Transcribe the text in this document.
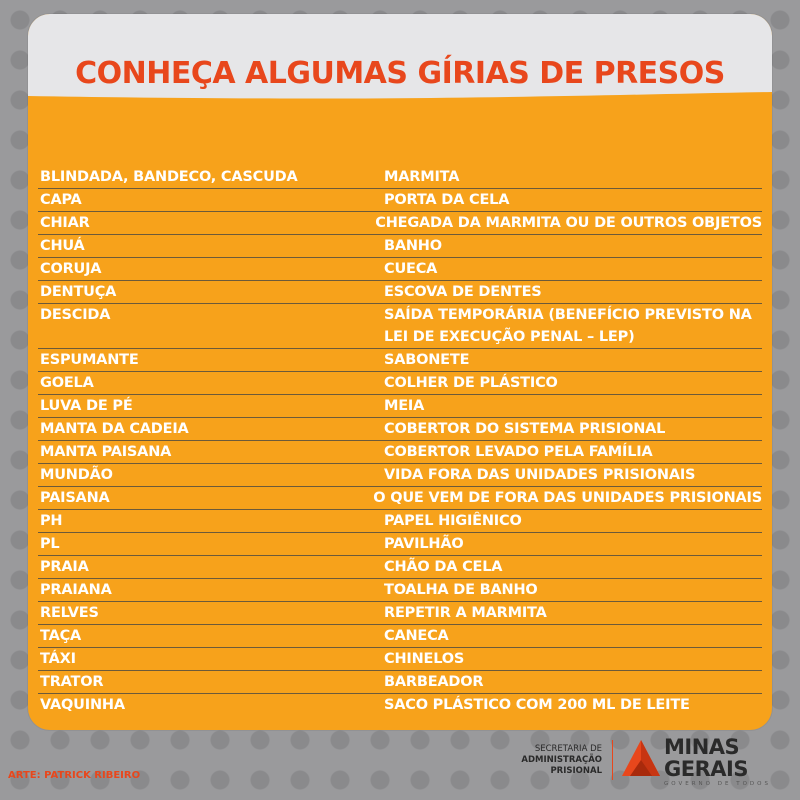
CONHEÇA ALGUMAS GÍRIAS DE PRESOS
BLINDADA, BANDECO, CASCUDA	MARMITA
CAPA	PORTA DA CELA
CHIAR	CHEGADA DA MARMITA OU DE OUTROS OBJETOS
CHUÁ	BANHO
CORUJA	CUECA
DENTUÇA	ESCOVA DE DENTES
DESCIDA	SAÍDA TEMPORÁRIA (BENEFÍCIO PREVISTO NA
LEI DE EXECUÇÃO PENAL – LEP)
ESPUMANTE	SABONETE
GOELA	COLHER DE PLÁSTICO
LUVA DE PÉ	MEIA
MANTA DA CADEIA	COBERTOR DO SISTEMA PRISIONAL
MANTA PAISANA	COBERTOR LEVADO PELA FAMÍLIA
MUNDÃO	VIDA FORA DAS UNIDADES PRISIONAIS
PAISANA	O QUE VEM DE FORA DAS UNIDADES PRISIONAIS
PH	PAPEL HIGIÊNICO
PL	PAVILHÃO
PRAIA	CHÃO DA CELA
PRAIANA	TOALHA DE BANHO
RELVES	REPETIR A MARMITA
TAÇA	CANECA
TÁXI	CHINELOS
TRATOR	BARBEADOR
VAQUINHA	SACO PLÁSTICO COM 200 ML DE LEITE
ARTE: PATRICK RIBEIRO
SECRETARIA DE
ADMINISTRAÇÃO
PRISIONAL
MINAS
GERAIS
GOVERNO DE TODOS
